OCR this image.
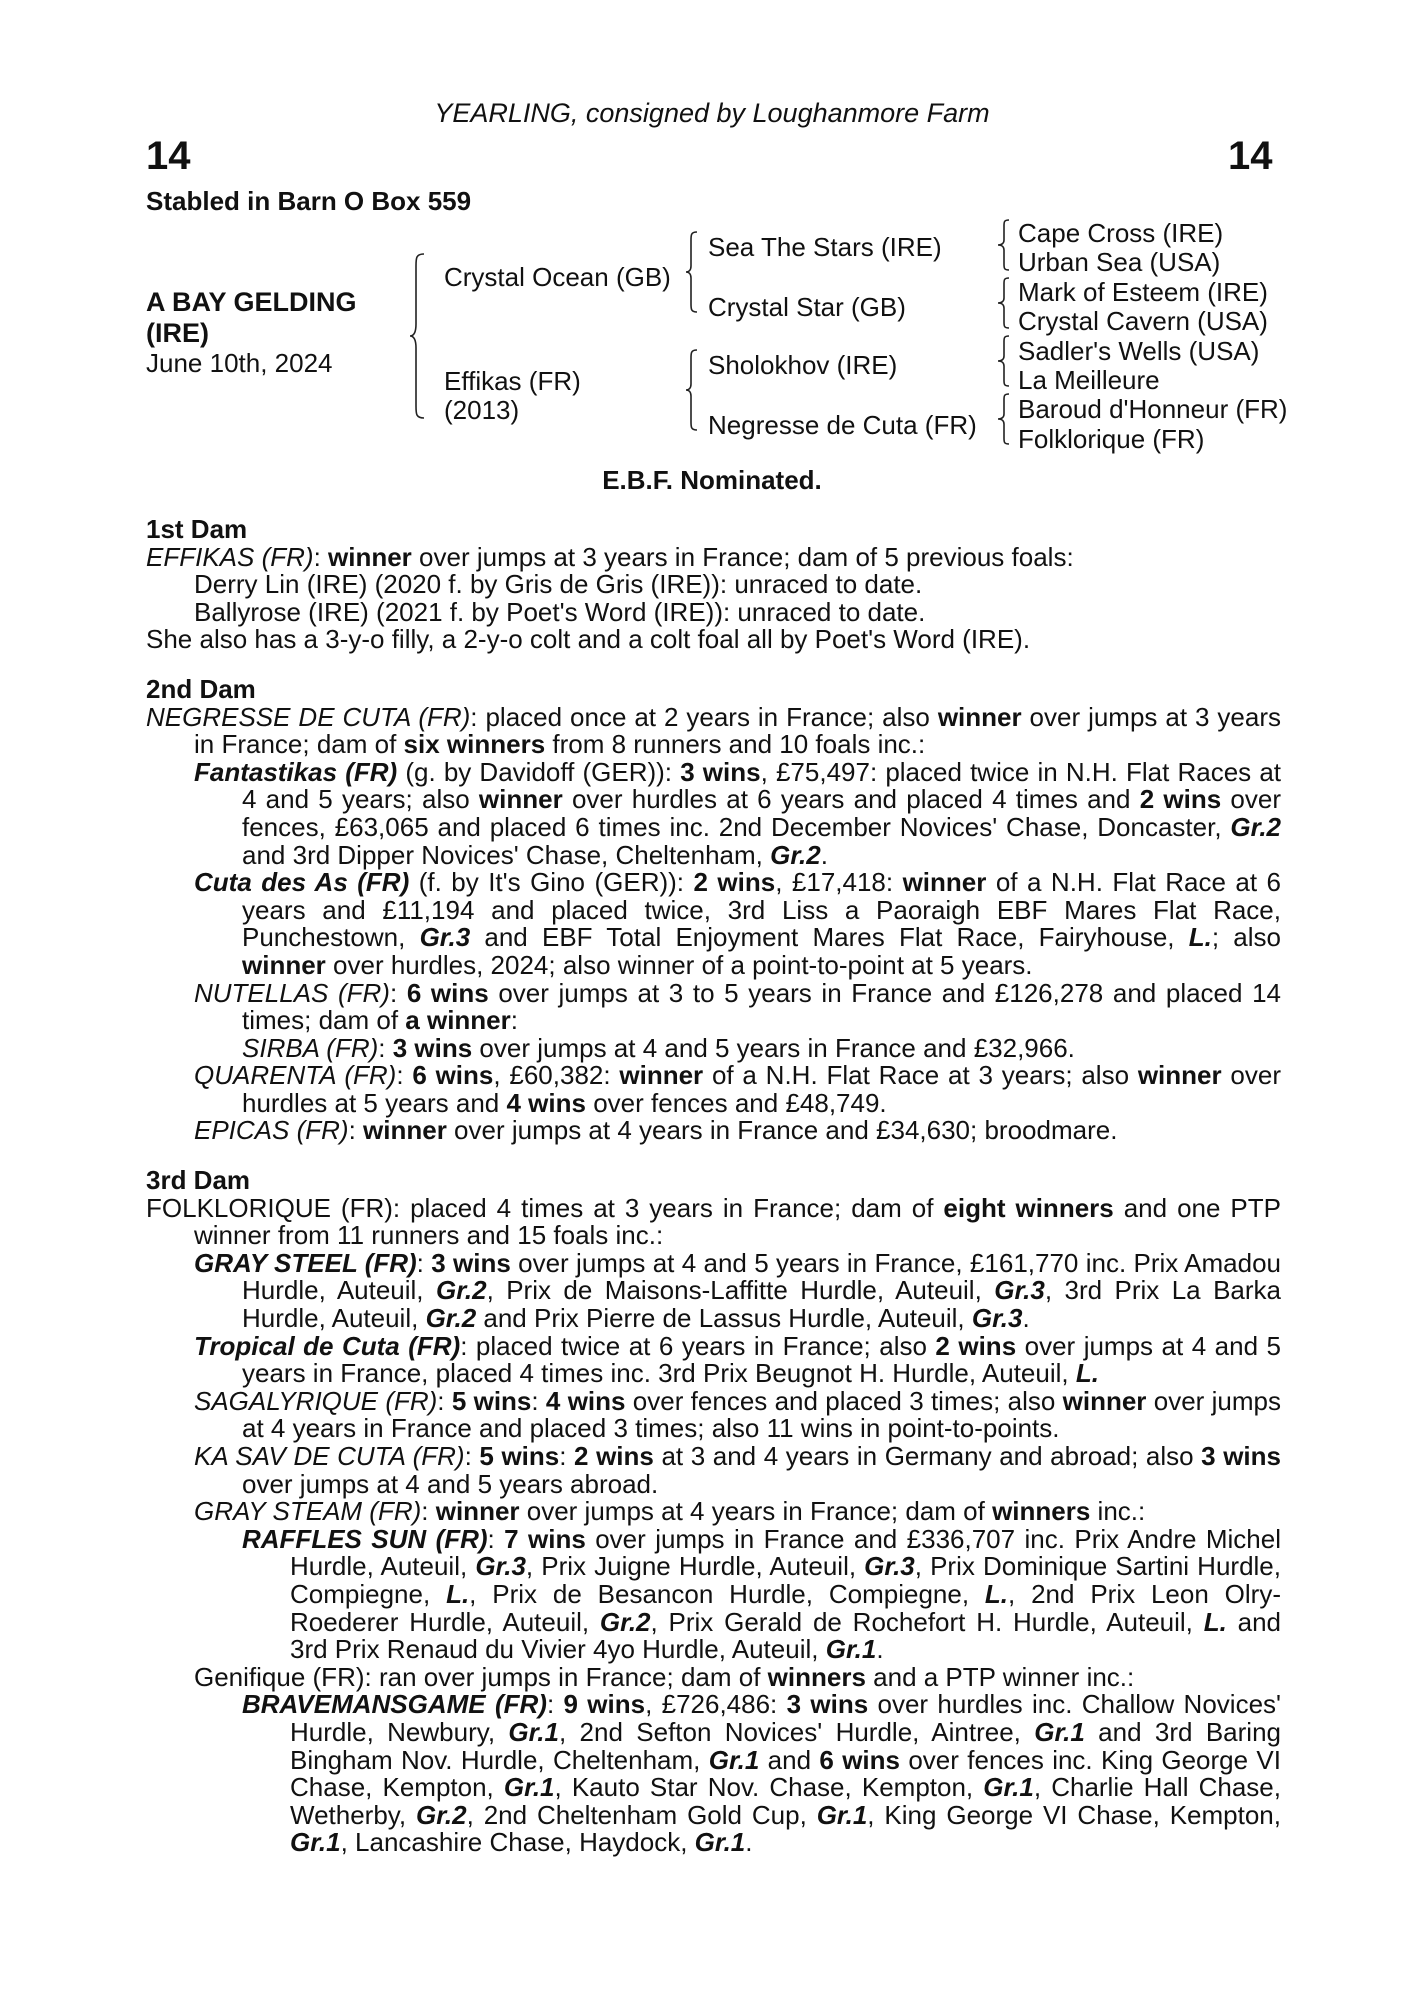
YEARLING, consigned by Loughanmore Farm
14	14
Stabled in Barn O Box 559
A BAY GELDING
(IRE)
June 10th, 2024
Crystal Ocean (GB)
Effikas (FR)
(2013)
Sea The Stars (IRE)
Crystal Star (GB)
Sholokhov (IRE)
Negresse de Cuta (FR)
Cape Cross (IRE)
Urban Sea (USA)
Mark of Esteem (IRE)
Crystal Cavern (USA)
Sadler's Wells (USA)
La Meilleure
Baroud d'Honneur (FR)
Folklorique (FR)
E.B.F. Nominated.
1st Dam
EFFIKAS (FR): winner over jumps at 3 years in France; dam of 5 previous foals:
Derry Lin (IRE) (2020 f. by Gris de Gris (IRE)): unraced to date.
Ballyrose (IRE) (2021 f. by Poet's Word (IRE)): unraced to date.
She also has a 3-y-o filly, a 2-y-o colt and a colt foal all by Poet's Word (IRE).
2nd Dam
NEGRESSE DE CUTA (FR): placed once at 2 years in France; also winner over jumps at 3 years in France; dam of six winners from 8 runners and 10 foals inc.:
Fantastikas (FR) (g. by Davidoff (GER)): 3 wins, £75,497: placed twice in N.H. Flat Races at 4 and 5 years; also winner over hurdles at 6 years and placed 4 times and 2 wins over fences, £63,065 and placed 6 times inc. 2nd December Novices' Chase, Doncaster, Gr.2 and 3rd Dipper Novices' Chase, Cheltenham, Gr.2.
Cuta des As (FR) (f. by It's Gino (GER)): 2 wins, £17,418: winner of a N.H. Flat Race at 6 years and £11,194 and placed twice, 3rd Liss a Paoraigh EBF Mares Flat Race, Punchestown, Gr.3 and EBF Total Enjoyment Mares Flat Race, Fairyhouse, L.; also winner over hurdles, 2024; also winner of a point-to-point at 5 years.
NUTELLAS (FR): 6 wins over jumps at 3 to 5 years in France and £126,278 and placed 14 times; dam of a winner:
SIRBA (FR): 3 wins over jumps at 4 and 5 years in France and £32,966.
QUARENTA (FR): 6 wins, £60,382: winner of a N.H. Flat Race at 3 years; also winner over hurdles at 5 years and 4 wins over fences and £48,749.
EPICAS (FR): winner over jumps at 4 years in France and £34,630; broodmare.
3rd Dam
FOLKLORIQUE (FR): placed 4 times at 3 years in France; dam of eight winners and one PTP winner from 11 runners and 15 foals inc.:
GRAY STEEL (FR): 3 wins over jumps at 4 and 5 years in France, £161,770 inc. Prix Amadou Hurdle, Auteuil, Gr.2, Prix de Maisons-Laffitte Hurdle, Auteuil, Gr.3, 3rd Prix La Barka Hurdle, Auteuil, Gr.2 and Prix Pierre de Lassus Hurdle, Auteuil, Gr.3.
Tropical de Cuta (FR): placed twice at 6 years in France; also 2 wins over jumps at 4 and 5 years in France, placed 4 times inc. 3rd Prix Beugnot H. Hurdle, Auteuil, L.
SAGALYRIQUE (FR): 5 wins: 4 wins over fences and placed 3 times; also winner over jumps at 4 years in France and placed 3 times; also 11 wins in point-to-points.
KA SAV DE CUTA (FR): 5 wins: 2 wins at 3 and 4 years in Germany and abroad; also 3 wins over jumps at 4 and 5 years abroad.
GRAY STEAM (FR): winner over jumps at 4 years in France; dam of winners inc.:
RAFFLES SUN (FR): 7 wins over jumps in France and £336,707 inc. Prix Andre Michel Hurdle, Auteuil, Gr.3, Prix Juigne Hurdle, Auteuil, Gr.3, Prix Dominique Sartini Hurdle, Compiegne, L., Prix de Besancon Hurdle, Compiegne, L., 2nd Prix Leon Olry-Roederer Hurdle, Auteuil, Gr.2, Prix Gerald de Rochefort H. Hurdle, Auteuil, L. and 3rd Prix Renaud du Vivier 4yo Hurdle, Auteuil, Gr.1.
Genifique (FR): ran over jumps in France; dam of winners and a PTP winner inc.:
BRAVEMANSGAME (FR): 9 wins, £726,486: 3 wins over hurdles inc. Challow Novices' Hurdle, Newbury, Gr.1, 2nd Sefton Novices' Hurdle, Aintree, Gr.1 and 3rd Baring Bingham Nov. Hurdle, Cheltenham, Gr.1 and 6 wins over fences inc. King George VI Chase, Kempton, Gr.1, Kauto Star Nov. Chase, Kempton, Gr.1, Charlie Hall Chase, Wetherby, Gr.2, 2nd Cheltenham Gold Cup, Gr.1, King George VI Chase, Kempton, Gr.1, Lancashire Chase, Haydock, Gr.1.
